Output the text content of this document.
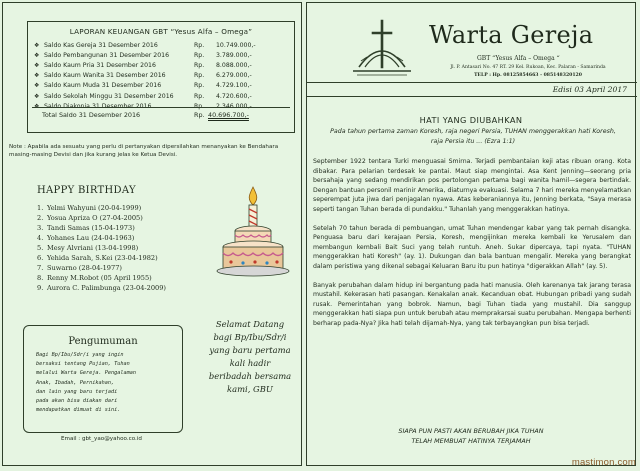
LAPORAN KEUANGAN GBT “Yesus Alfa – Omega”
❖ Saldo Kas Gereja 31 Desember 2016	Rp.	10.749.000,-
❖ Saldo Pembangunan 31 Desember 2016	Rp.	3.789.000,-
❖ Saldo Kaum Pria 31 Desember 2016	Rp.	8.088.000,-
❖ Saldo Kaum Wanita 31 Desember 2016	Rp.	6.279.000,-
❖ Saldo Kaum Muda 31 Desember 2016	Rp.	4.729.100,-
❖ Saldo Sekolah Minggu 31 Desember 2016	Rp.	4.720.600,-
❖ Saldo Diakonia 31 Desember 2016	Rp.	2.346.000,-
Total Saldo 31 Desember 2016	Rp. 40.696.700,-
Note : Apabila ada sesuatu yang perlu di pertanyakan dipersilahkan menanyakan ke Bendahara masing-masing Devisi dan jika kurang jelas ke Ketua Devisi.
HAPPY BIRTHDAY
1. Yelmi Wahyuni (20-04-1999)
2. Yosua Apriza O (27-04-2005)
3. Tandi Samas (15-04-1973)
4. Yohanes Lau (24-04-1963)
5. Mesy Alvriani (13-04-1998)
6. Yehida Sarah, S.Kei (23-04-1982)
7. Suwarno (28-04-1977)
8. Renny M.Robot (05 April 1955)
9. Aurora C. Palimbunga (23-04-2009)
Pengumuman
Bagi Bp/Ibu/Sdr/i yang ingin
bersaksi tentang Pujian, Tuhan
melalui Warta Gereja. Pengalaman
Anak, Ibadah, Pernikahan,
dan lain yang baru terjadi
pada akan bisa diakan dari
mendapatkan dimuat di sini.
Email : gbt_yao@yahoo.co.id
Selamat Datang
bagi Bp/Ibu/Sdr/i
yang baru pertama
kali hadir
beribadah bersama
kami, GBU
Warta Gereja
GBT “Yesus Alfa – Omega “
Jl. P. Antasari No. 47 RT. 29 Kel. Rukoan, Kec. Palaran - Samarinda
TELP : Hp. 08125854663 - 085148320120
Edisi 03 April 2017
HATI YANG DIUBAHKAN
Pada tahun pertama zaman Koresh, raja negeri Persia, TUHAN menggerakkan hati Koresh, raja Persia itu ... (Ezra 1:1)

September 1922 tentara Turki menguasai Smirna. Terjadi pembantaian keji atas ribuan orang. Kota dibakar. Para pelarian terdesak ke pantai. Maut siap mengintai. Asa Kent Jenning—seorang pria bersahaja yang sedang mendirikan pos pertolongan pertama bagi wanita hamil—segera bertindak. Dengan bantuan personil marinir Amerika, diaturnya evakuasi. Selama 7 hari mereka menyelamatkan seperempat juta jiwa dari penjagalan nyawa. Atas keberaniannya itu, Jenning berkata, "Saya merasa seperti tangan Tuhan berada di pundakku." Tuhanlah yang menggerakkan hatinya.

Setelah 70 tahun berada di pembuangan, umat Tuhan mendengar kabar yang tak pernah disangka. Penguasa baru dari kerajaan Persia, Koresh, mengijinkan mereka kembali ke Yerusalem dan membangun kembali Bait Suci yang telah runtuh. Aneh. Sukar dipercaya, tapi nyata. "TUHAN menggerakkan hati Koresh" (ay. 1). Dukungan dan bala bantuan mengalir. Mereka yang berangkat dalam peristiwa yang dikenal sebagai Keluaran Baru itu pun hatinya "digerakkan Allah" (ay. 5).

Banyak perubahan dalam hidup ini bergantung pada hati manusia. Oleh karenanya tak jarang terasa mustahil. Kekerasan hati pasangan. Kenakalan anak. Kecanduan obat. Hubungan pribadi yang sudah rusak. Pemerintahan yang bobrok. Namun, bagi Tuhan tiada yang mustahil. Dia sanggup menggerakkan hati siapa pun untuk berubah atau memprakarsai suatu perubahan. Mengapa berhenti berharap pada-Nya? Jika hati telah dijamah-Nya, yang tak terbayangkan pun bisa terjadi.

SIAPA PUN PASTI AKAN BERUBAH JIKA TUHAN
TELAH MEMBUAT HATINYA TERJAMAH
mastimon.com
